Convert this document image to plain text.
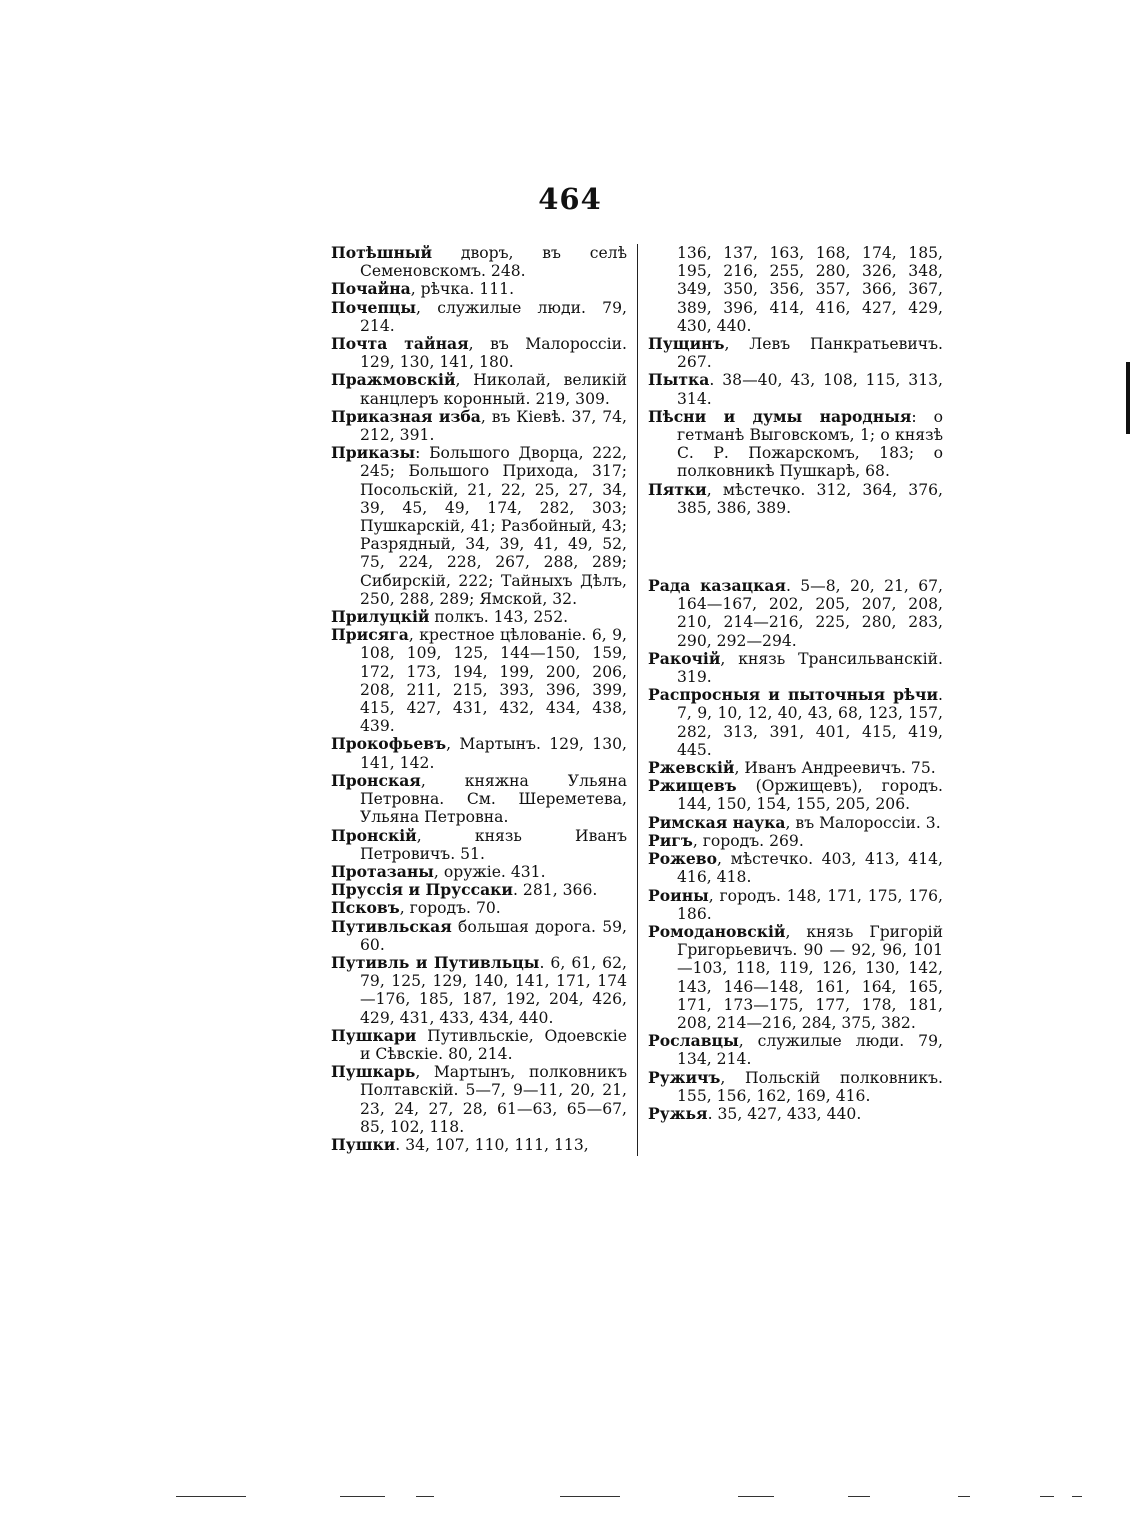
464

Потѣшный дворъ, въ селѣ Семеновскомъ. 248.

Почайна, рѣчка. 111.

Почепцы, служилые люди. 79, 214.

Почта тайная, въ Малороссіи. 129, 130, 141, 180.

Пражмовскій, Николай, великій канцлеръ коронный. 219, 309.

Приказная изба, въ Кіевѣ. 37, 74, 212, 391.

Приказы: Большого Дворца, 222, 245; Большого Прихода, 317; Посольскій, 21, 22, 25, 27, 34, 39, 45, 49, 174, 282, 303; Пушкарскій, 41; Разбойный, 43; Разрядный, 34, 39, 41, 49, 52, 75, 224, 228, 267, 288, 289; Сибирскій, 222; Тайныхъ Дѣлъ, 250, 288, 289; Ямской, 32.

Прилуцкій полкъ. 143, 252.

Присяга, крестное цѣлованіе. 6, 9, 108, 109, 125, 144—150, 159, 172, 173, 194, 199, 200, 206, 208, 211, 215, 393, 396, 399, 415, 427, 431, 432, 434, 438, 439.

Прокофьевъ, Мартынъ. 129, 130, 141, 142.

Пронская, княжна Ульяна Петровна. См. Шереметева, Ульяна Петровна.

Пронскій, князь Иванъ Петровичъ. 51.

Протазаны, оружіе. 431.

Пруссія и Пруссаки. 281, 366.

Псковъ, городъ. 70.

Путивльская большая дорога. 59, 60.

Путивль и Путивльцы. 6, 61, 62, 79, 125, 129, 140, 141, 171, 174—176, 185, 187, 192, 204, 426, 429, 431, 433, 434, 440.

Пушкари Путивльскіе, Одоевскіе и Сѣвскіе. 80, 214.

Пушкарь, Мартынъ, полковникъ Полтавскій. 5—7, 9—11, 20, 21, 23, 24, 27, 28, 61—63, 65—67, 85, 102, 118.

Пушки. 34, 107, 110, 111, 113,

136, 137, 163, 168, 174, 185, 195, 216, 255, 280, 326, 348, 349, 350, 356, 357, 366, 367, 389, 396, 414, 416, 427, 429, 430, 440.

Пущинъ, Левъ Панкратьевичъ. 267.

Пытка. 38—40, 43, 108, 115, 313, 314.

Пѣсни и думы народныя: о гетманѣ Выговскомъ, 1; о князѣ С. Р. Пожарскомъ, 183; о полковникѣ Пушкарѣ, 68.

Пятки, мѣстечко. 312, 364, 376, 385, 386, 389.

Рада казацкая. 5—8, 20, 21, 67, 164—167, 202, 205, 207, 208, 210, 214—216, 225, 280, 283, 290, 292—294.

Ракочій, князь Трансильванскій. 319.

Распросныя и пыточныя рѣчи. 7, 9, 10, 12, 40, 43, 68, 123, 157, 282, 313, 391, 401, 415, 419, 445.

Ржевскій, Иванъ Андреевичъ. 75.

Ржищевъ (Оржищевъ), городъ. 144, 150, 154, 155, 205, 206.

Римская наука, въ Малороссіи. 3.

Ригъ, городъ. 269.

Рожево, мѣстечко. 403, 413, 414, 416, 418.

Роины, городъ. 148, 171, 175, 176, 186.

Ромодановскій, князь Григорій Григорьевичъ. 90 — 92, 96, 101—103, 118, 119, 126, 130, 142, 143, 146—148, 161, 164, 165, 171, 173—175, 177, 178, 181, 208, 214—216, 284, 375, 382.

Рославцы, служилые люди. 79, 134, 214.

Ружичъ, Польскій полковникъ. 155, 156, 162, 169, 416.

Ружья. 35, 427, 433, 440.
